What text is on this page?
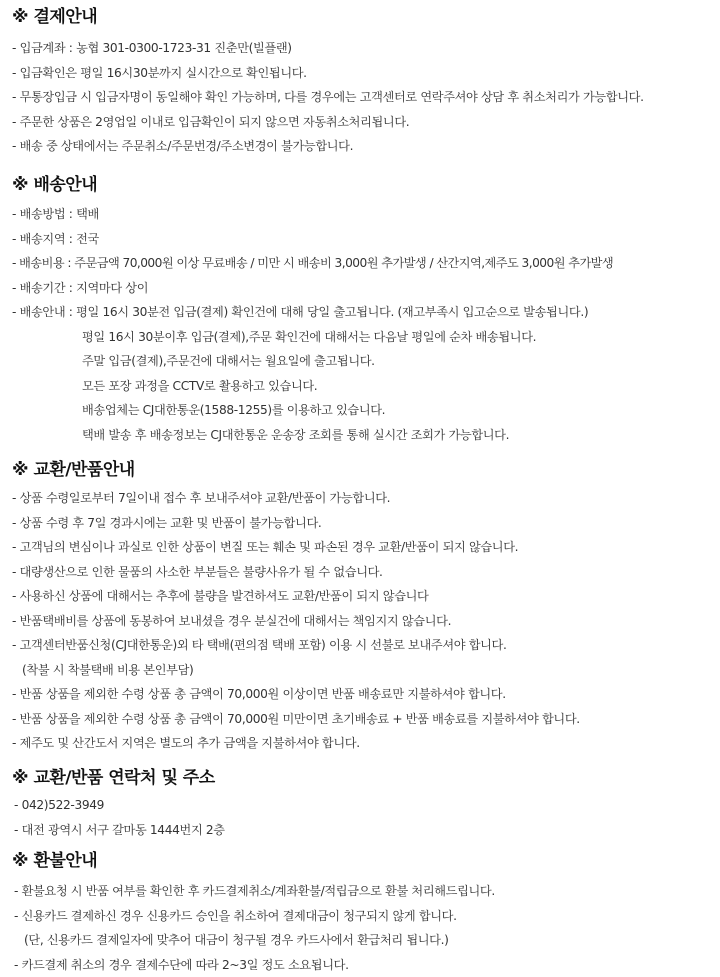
※ 결제안내
- 입금계좌 : 농협 301-0300-1723-31 진춘만(빌플랜)
- 입금확인은 평일 16시30분까지 실시간으로 확인됩니다.
- 무통장입금 시 입금자명이 동일해야 확인 가능하며, 다를 경우에는 고객센터로 연락주셔야 상담 후 취소처리가 가능합니다.
- 주문한 상품은 2영업일 이내로 입금확인이 되지 않으면 자동취소처리됩니다.
- 배송 중 상태에서는 주문취소/주문번경/주소변경이 불가능합니다.
※ 배송안내
- 배송방법 : 택배
- 배송지역 : 전국
- 배송비용 : 주문금액 70,000원 이상 무료배송 / 미만 시 배송비 3,000원 추가발생 / 산간지역,제주도 3,000원 추가발생
- 배송기간 : 지역마다 상이
- 배송안내 : 평일 16시 30분전 입금(결제) 확인건에 대해 당일 출고됩니다. (재고부족시 입고순으로 발송됩니다.)
평일 16시 30분이후 입금(결제),주문 확인건에 대해서는 다음날 평일에 순차 배송됩니다.
주말 입금(결제),주문건에 대해서는 월요일에 출고됩니다.
모든 포장 과정을 CCTV로 촬용하고 있습니다.
배송업체는 CJ대한통운(1588-1255)를 이용하고 있습니다.
택배 발송 후 배송정보는 CJ대한통운 운송장 조회를 통해 실시간 조회가 가능합니다.
※ 교환/반품안내
- 상품 수령일로부터 7일이내 접수 후 보내주셔야 교환/반품이 가능합니다.
- 상품 수령 후 7일 경과시에는 교환 및 반품이 불가능합니다.
- 고객님의 변심이나 과실로 인한 상품이 변질 또는 훼손 및 파손된 경우 교환/반품이 되지 않습니다.
- 대량생산으로 인한 물품의 사소한 부분들은 불량사유가 될 수 없습니다.
- 사용하신 상품에 대해서는 추후에 불량을 발견하셔도 교환/반품이 되지 않습니다
- 반품택배비를 상품에 동봉하여 보내셨을 경우 분실건에 대해서는 책임지지 않습니다.
- 고객센터반품신청(CJ대한통운)외 타 택배(편의점 택배 포함) 이용 시 선불로 보내주셔야 합니다.
(착불 시 착불택배 비용 본인부담)
- 반품 상품을 제외한 수령 상품 총 금액이 70,000원 이상이면 반품 배송료만 지불하셔야 합니다.
- 반품 상품을 제외한 수령 상품 총 금액이 70,000원 미만이면 초기배송료 + 반품 배송료를 지불하셔야 합니다.
- 제주도 및 산간도서 지역은 별도의 추가 금액을 지불하셔야 합니다.
※ 교환/반품 연락처 및 주소
- 042)522-3949
- 대전 광역시 서구 갈마동 1444번지 2층
※ 환불안내
- 환불요청 시 반품 여부를 확인한 후 카드결제취소/계좌환불/적립금으로 환불 처리해드립니다.
- 신용카드 결제하신 경우 신용카드 승인을 취소하여 결제대금이 청구되지 않게 합니다.
(단, 신용카드 결제일자에 맞추어 대금이 청구될 경우 카드사에서 환급처리 됩니다.)
- 카드결제 취소의 경우 결제수단에 따라 2~3일 정도 소요됩니다.
